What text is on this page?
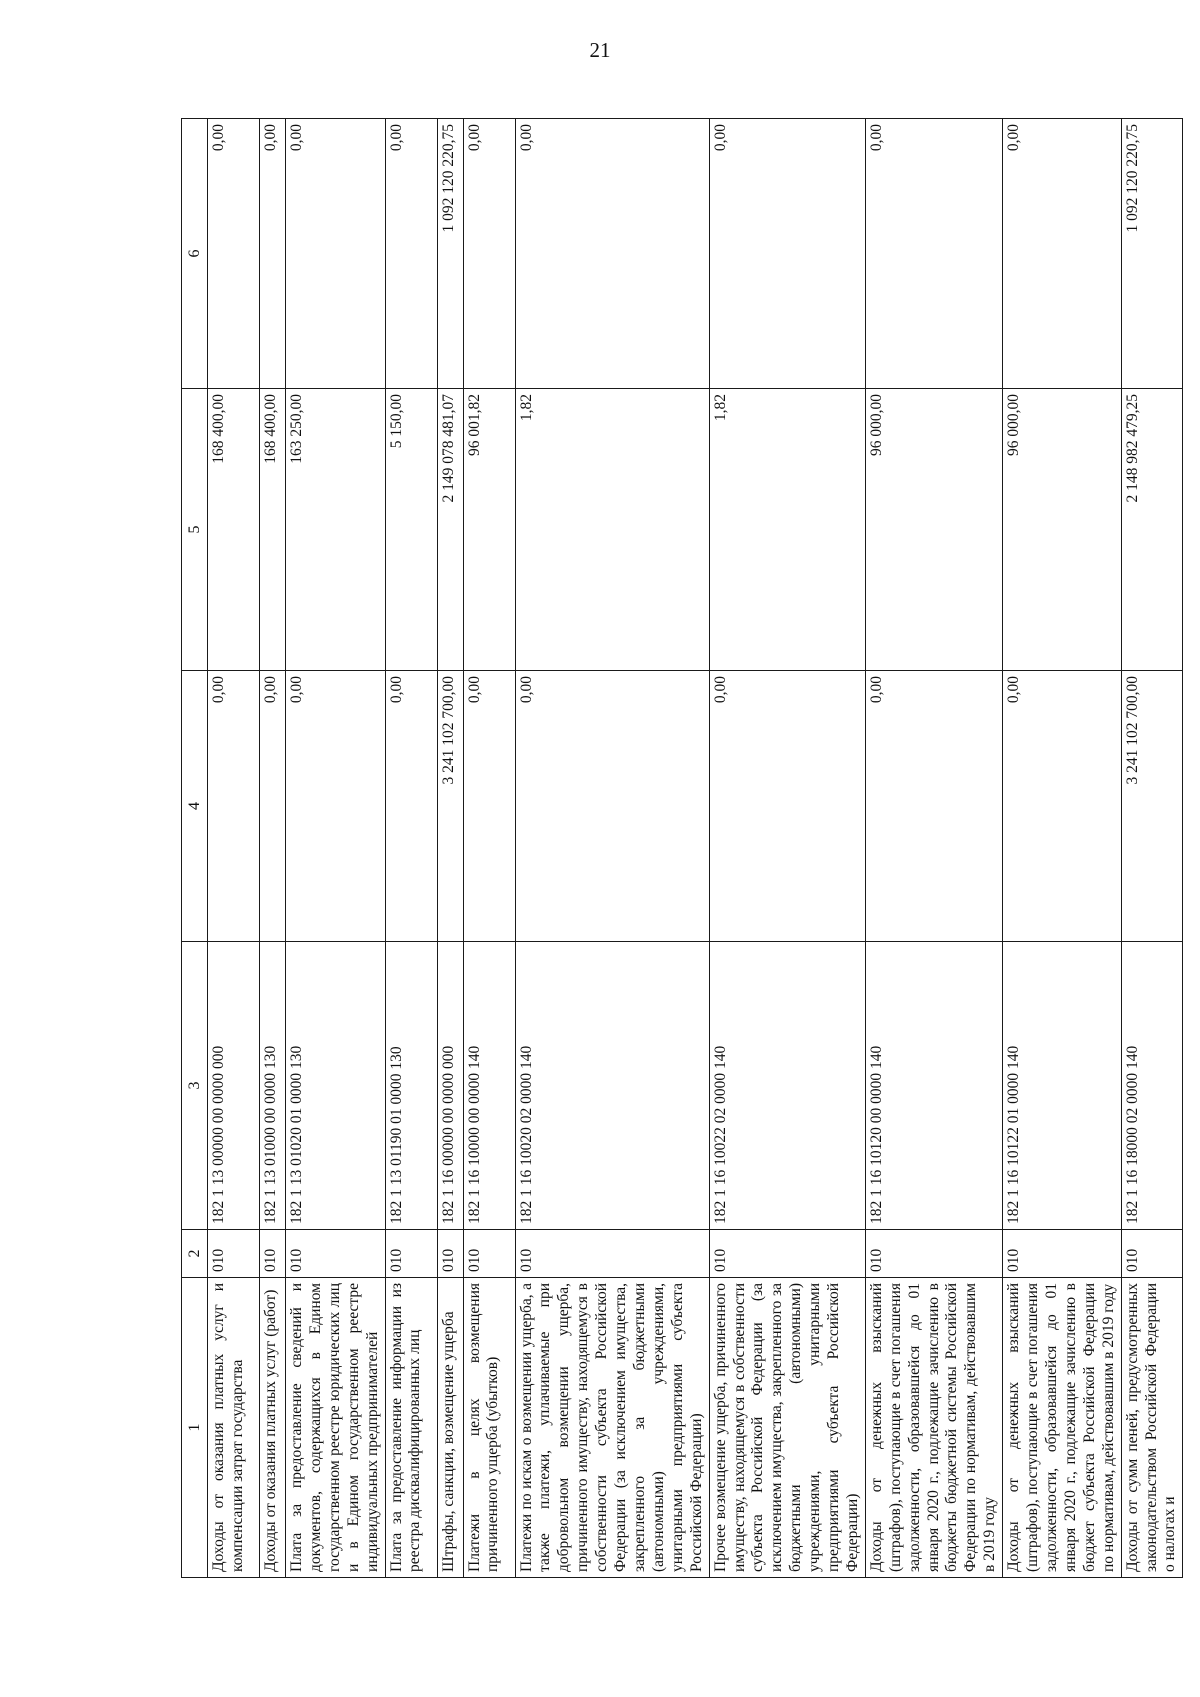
21
1	2	3	4	5	6
Доходы от оказания платных услуг и компенсации затрат государства	010	182 1 13 00000 00 0000 000	0,00	168 400,00	0,00
Доходы от оказания платных услуг (работ)	010	182 1 13 01000 00 0000 130	0,00	168 400,00	0,00
Плата за предоставление сведений и документов, содержащихся в Едином государственном реестре юридических лиц и в Едином государственном реестре индивидуальных предпринимателей	010	182 1 13 01020 01 0000 130	0,00	163 250,00	0,00
Плата за предоставление информации из реестра дисквалифицированных лиц	010	182 1 13 01190 01 0000 130	0,00	5 150,00	0,00
Штрафы, санкции, возмещение ущерба	010	182 1 16 00000 00 0000 000	3 241 102 700,00	2 149 078 481,07	1 092 120 220,75
Платежи в целях возмещения причиненного ущерба (убытков)	010	182 1 16 10000 00 0000 140	0,00	96 001,82	0,00
Платежи по искам о возмещении ущерба, а также платежи, уплачиваемые при добровольном возмещении ущерба, причиненного имуществу, находящемуся в собственности субъекта Российской Федерации (за исключением имущества, закрепленного за бюджетными (автономными) учреждениями, унитарными предприятиями субъекта Российской Федерации)	010	182 1 16 10020 02 0000 140	0,00	1,82	0,00
Прочее возмещение ущерба, причиненного имуществу, находящемуся в собственности субъекта Российской Федерации (за исключением имущества, закрепленного за бюджетными (автономными) учреждениями, унитарными предприятиями субъекта Российской Федерации)	010	182 1 16 10022 02 0000 140	0,00	1,82	0,00
Доходы от денежных взысканий (штрафов), поступающие в счет погашения задолженности, образовавшейся до 01 января 2020 г., подлежащие зачислению в бюджеты бюджетной системы Российской Федерации по нормативам, действовавшим в 2019 году	010	182 1 16 10120 00 0000 140	0,00	96 000,00	0,00
Доходы от денежных взысканий (штрафов), поступающие в счет погашения задолженности, образовавшейся до 01 января 2020 г., подлежащие зачислению в бюджет субъекта Российской Федерации по нормативам, действовавшим в 2019 году	010	182 1 16 10122 01 0000 140	0,00	96 000,00	0,00
Доходы от сумм пеней, предусмотренных законодательством Российской Федерации о налогах и	010	182 1 16 18000 02 0000 140	3 241 102 700,00	2 148 982 479,25	1 092 120 220,75
